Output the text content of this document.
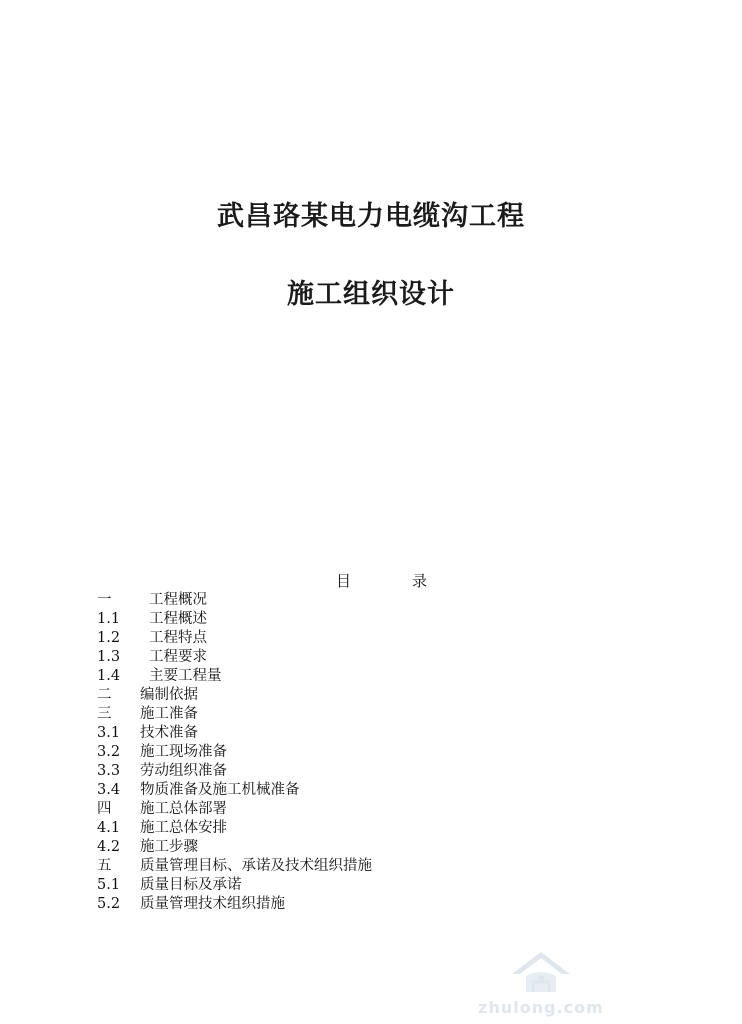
武昌珞某电力电缆沟工程
施工组织设计
目	录
一	工程概况
1.1 工程概述
1.2 工程特点
1.3 工程要求
1.4 主要工程量
二 编制依据
三 施工准备
3.1 技术准备
3.2 施工现场准备
3.3 劳动组织准备
3.4 物质准备及施工机械准备
四 施工总体部署
4.1 施工总体安排
4.2 施工步骤
五 质量管理目标、承诺及技术组织措施
5.1 质量目标及承诺
5.2 质量管理技术组织措施
zhulong.com
